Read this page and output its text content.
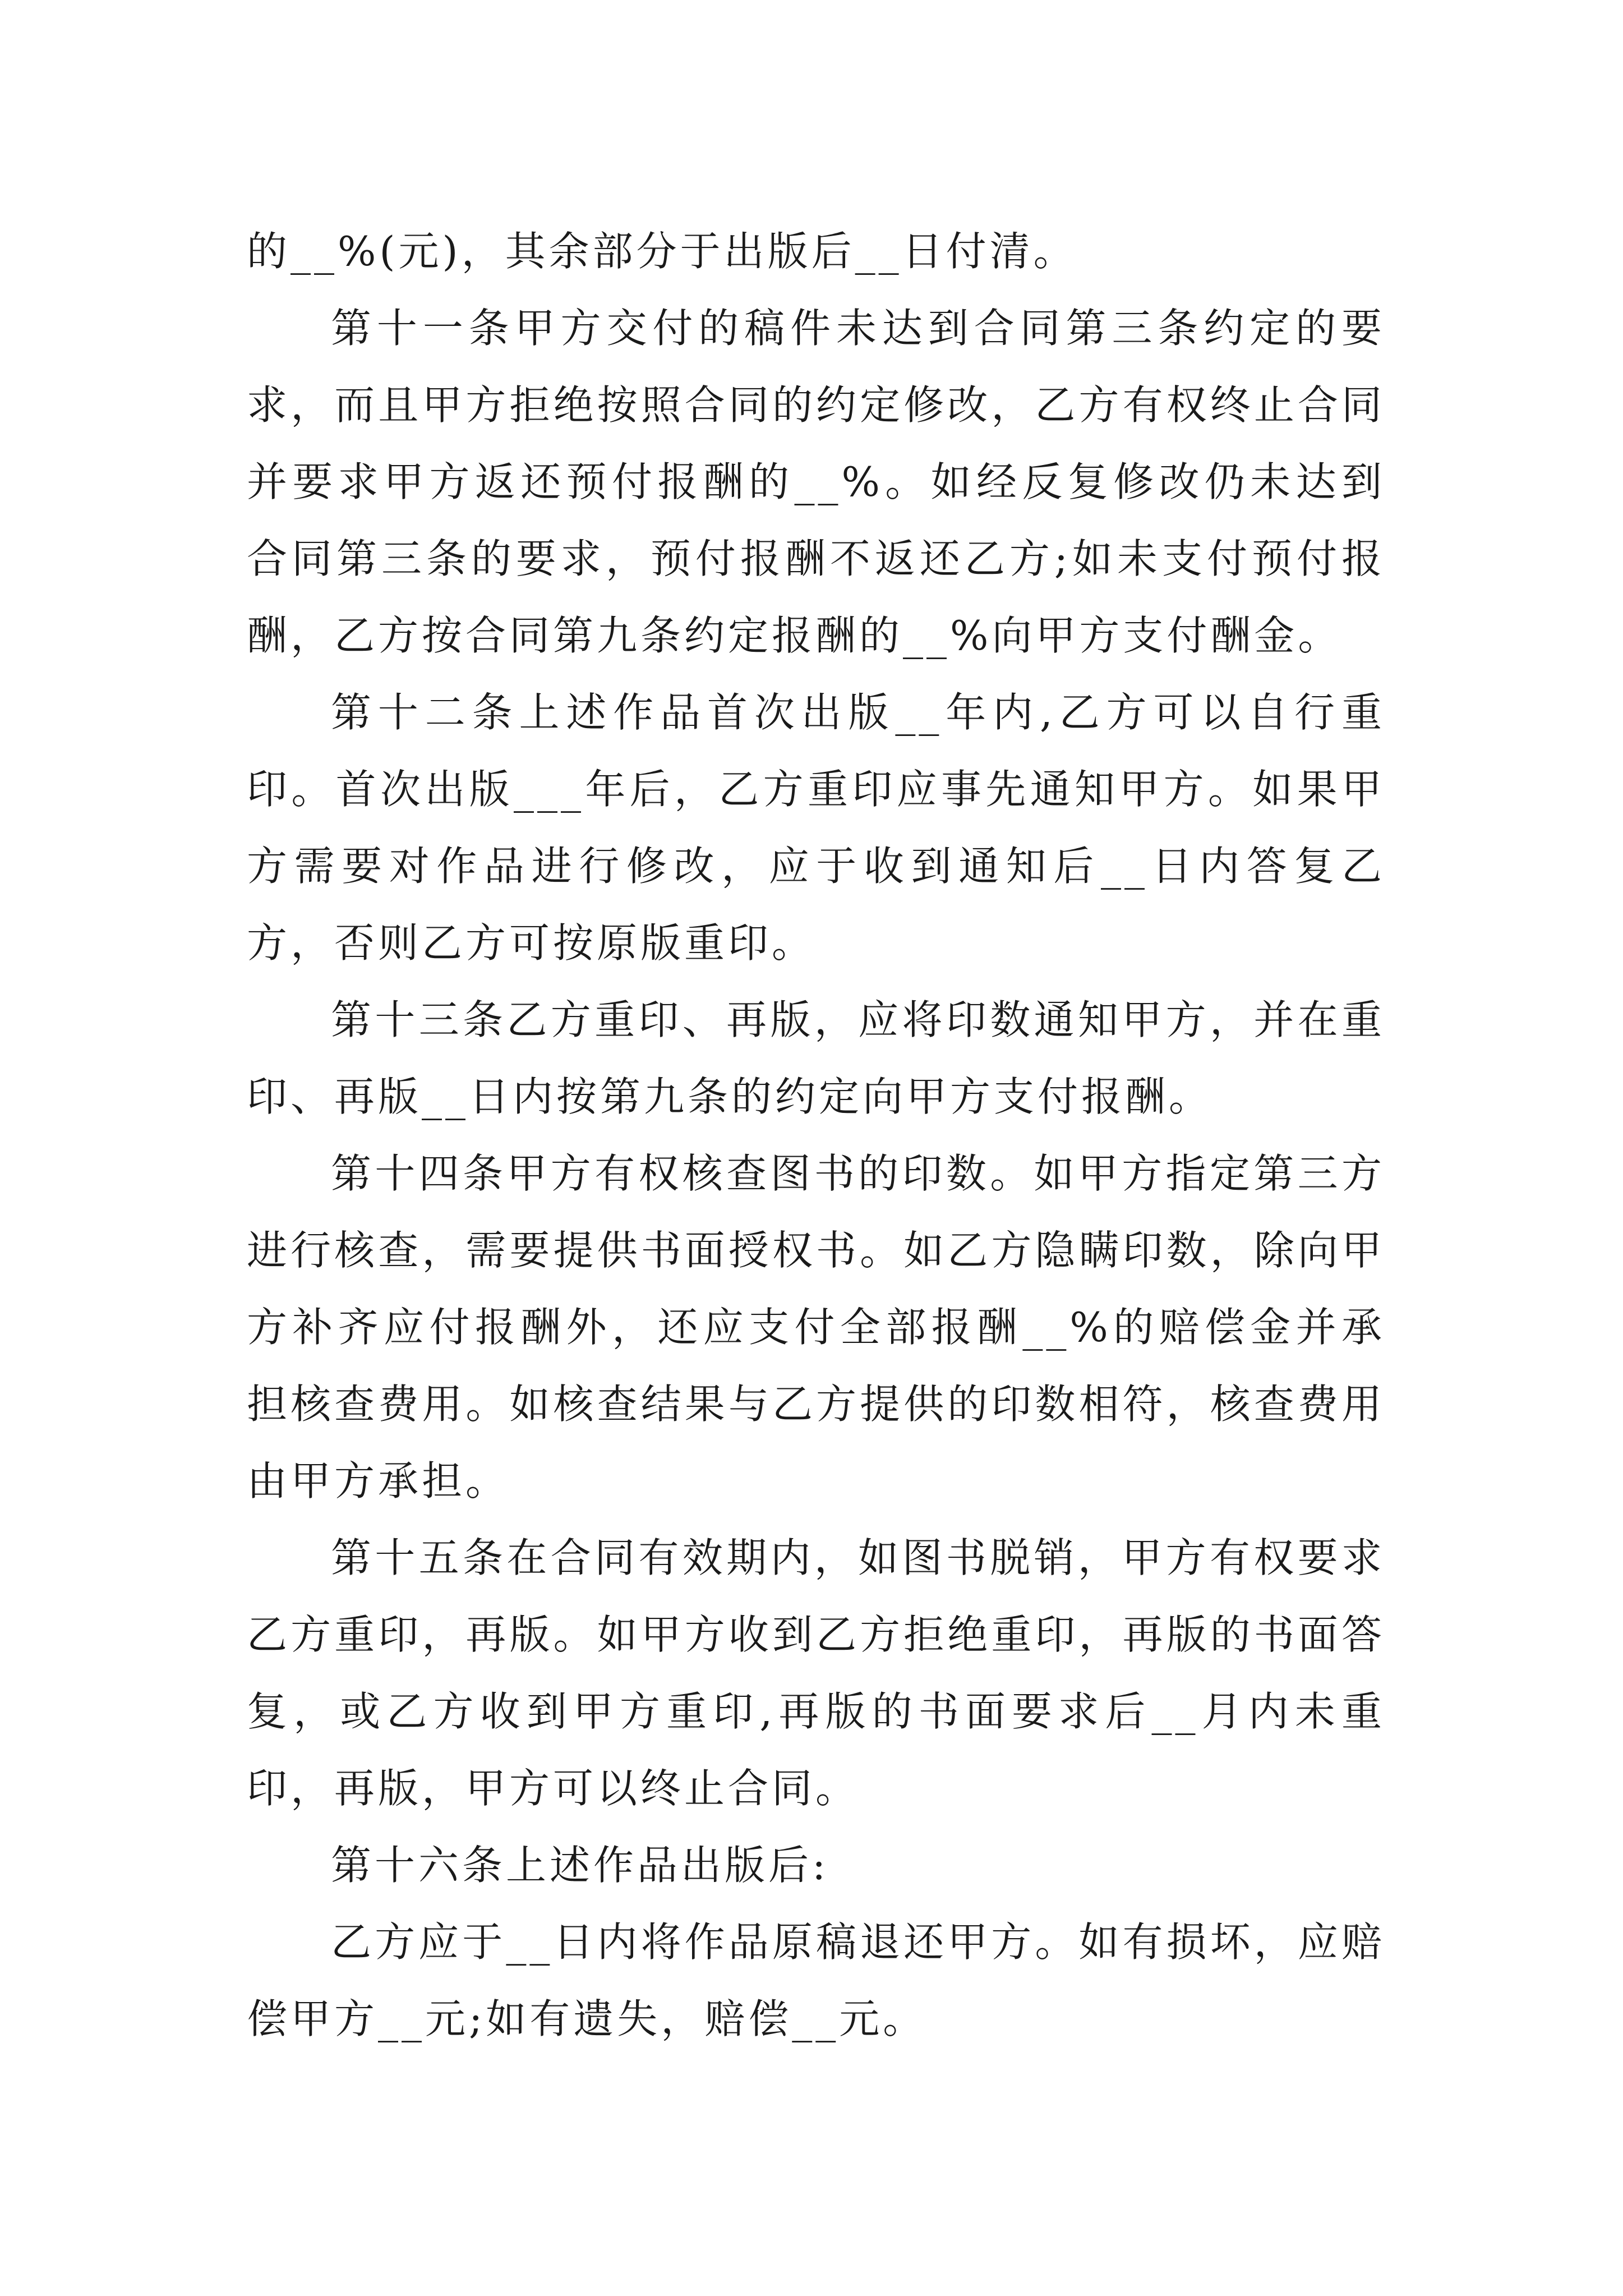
的__%(元)，其余部分于出版后__日付清。

第十一条甲方交付的稿件未达到合同第三条约定的要求，而且甲方拒绝按照合同的约定修改，乙方有权终止合同并要求甲方返还预付报酬的__%。如经反复修改仍未达到合同第三条的要求，预付报酬不返还乙方;如未支付预付报酬，乙方按合同第九条约定报酬的__%向甲方支付酬金。

第十二条上述作品首次出版__年内,乙方可以自行重印。首次出版___年后，乙方重印应事先通知甲方。如果甲方需要对作品进行修改，应于收到通知后__日内答复乙方，否则乙方可按原版重印。

第十三条乙方重印、再版，应将印数通知甲方，并在重印、再版__日内按第九条的约定向甲方支付报酬。

第十四条甲方有权核查图书的印数。如甲方指定第三方进行核查，需要提供书面授权书。如乙方隐瞒印数，除向甲方补齐应付报酬外，还应支付全部报酬__%的赔偿金并承担核查费用。如核查结果与乙方提供的印数相符，核查费用由甲方承担。

第十五条在合同有效期内，如图书脱销，甲方有权要求乙方重印，再版。如甲方收到乙方拒绝重印，再版的书面答复，或乙方收到甲方重印,再版的书面要求后__月内未重印，再版，甲方可以终止合同。

第十六条上述作品出版后:

乙方应于__日内将作品原稿退还甲方。如有损坏，应赔偿甲方__元;如有遗失，赔偿__元。
